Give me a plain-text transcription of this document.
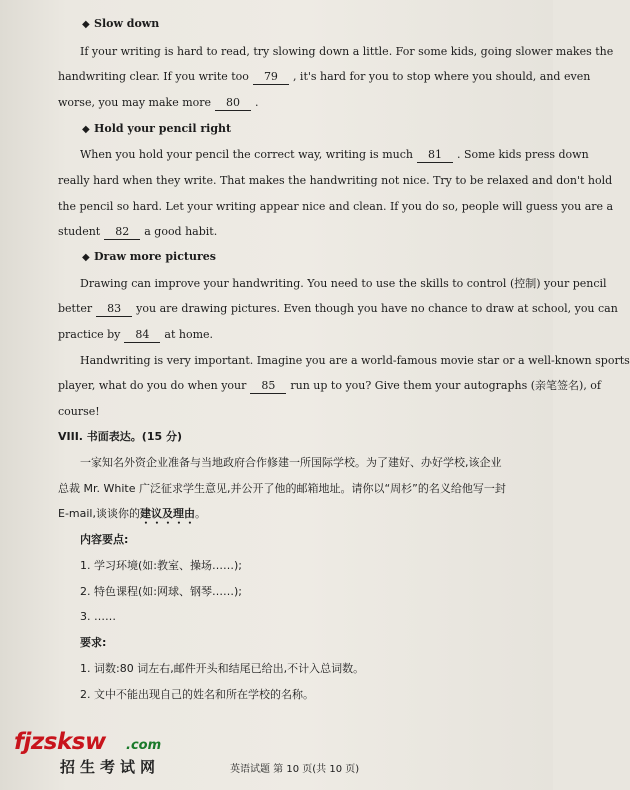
◆ Slow down
If your writing is hard to read, try slowing down a little. For some kids, going slower makes the
handwriting clear. If you write too 79 , it's hard for you to stop where you should, and even
worse, you may make more 80 .
◆ Hold your pencil right
When you hold your pencil the correct way, writing is much 81 . Some kids press down
really hard when they write. That makes the handwriting not nice. Try to be relaxed and don't hold
the pencil so hard. Let your writing appear nice and clean. If you do so, people will guess you are a
student 82 a good habit.
◆ Draw more pictures
Drawing can improve your handwriting. You need to use the skills to control (控制) your pencil
better 83 you are drawing pictures. Even though you have no chance to draw at school, you can
practice by 84 at home.
Handwriting is very important. Imagine you are a world-famous movie star or a well-known sports
player, what do you do when your 85 run up to you? Give them your autographs (亲笔签名), of
course!
VIII. 书面表达。(15 分)
一家知名外资企业准备与当地政府合作修建一所国际学校。为了建好、办好学校,该企业
总裁 Mr. White 广泛征求学生意见,并公开了他的邮箱地址。请你以“周杉”的名义给他写一封
E-mail,谈谈你的建议及理由。
内容要点:
1. 学习环境(如:教室、操场……);
2. 特色课程(如:网球、钢琴……);
3. ……
要求:
1. 词数:80 词左右,邮件开头和结尾已给出,不计入总词数。
2. 文中不能出现自己的姓名和所在学校的名称。
fjzsksw .com
招生考试网	英语试题 第 10 页(共 10 页)
